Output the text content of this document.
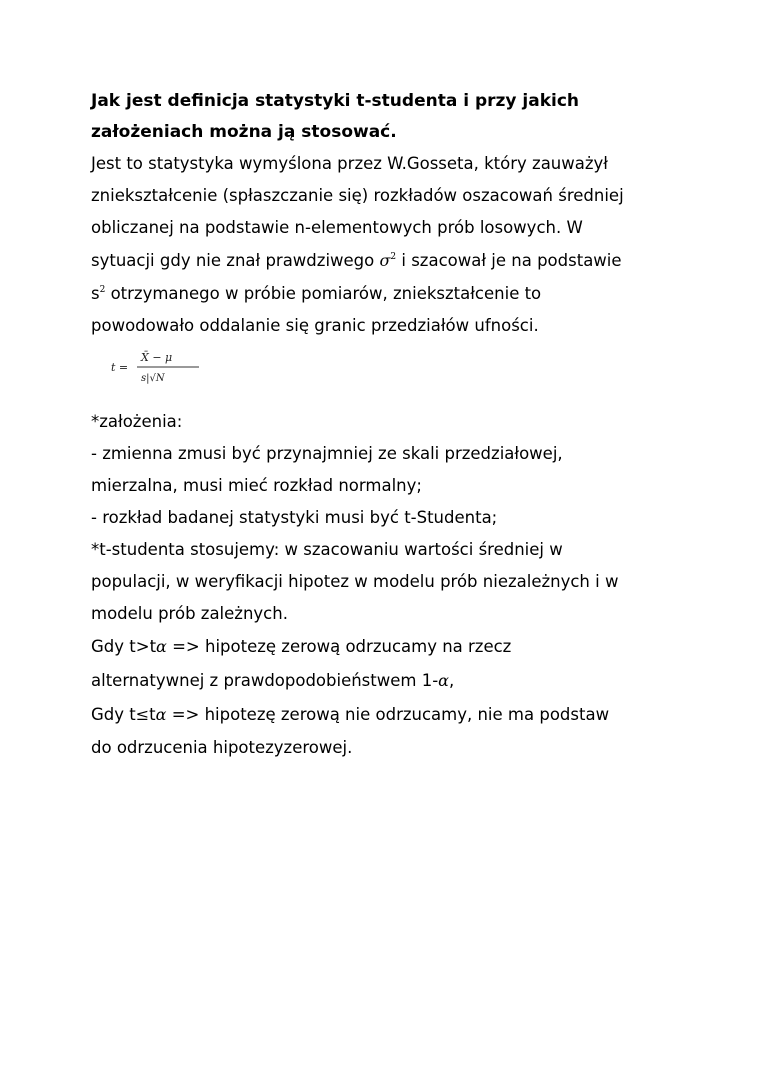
Jak jest definicja statystyki t-studenta i przy jakich
założeniach można ją stosować.

Jest to statystyka wymyślona przez W.Gosseta, który zauważył

zniekształcenie (spłaszczanie się) rozkładów oszacowań średniej

obliczanej na podstawie n-elementowych prób losowych. W

sytuacji gdy nie znał prawdziwego $\sigma^2$ i szacował je na podstawie

$s^2$ otrzymanego w próbie pomiarów, zniekształcenie to

powodowało oddalanie się granic przedziałów ufności.

t =
X̄ − μ
s|√N

*założenia:

- zmienna zmusi być przynajmniej ze skali przedziałowej,

mierzalna, musi mieć rozkład normalny;

- rozkład badanej statystyki musi być t-Studenta;

*t-studenta stosujemy: w szacowaniu wartości średniej w

populacji, w weryfikacji hipotez w modelu prób niezależnych i w

modelu prób zależnych.

Gdy t>tα => hipotezę zerową odrzucamy na rzecz

alternatywnej z prawdopodobieństwem 1-α,

Gdy t≤tα => hipotezę zerową nie odrzucamy, nie ma podstaw

do odrzucenia hipotezyzerowej.
